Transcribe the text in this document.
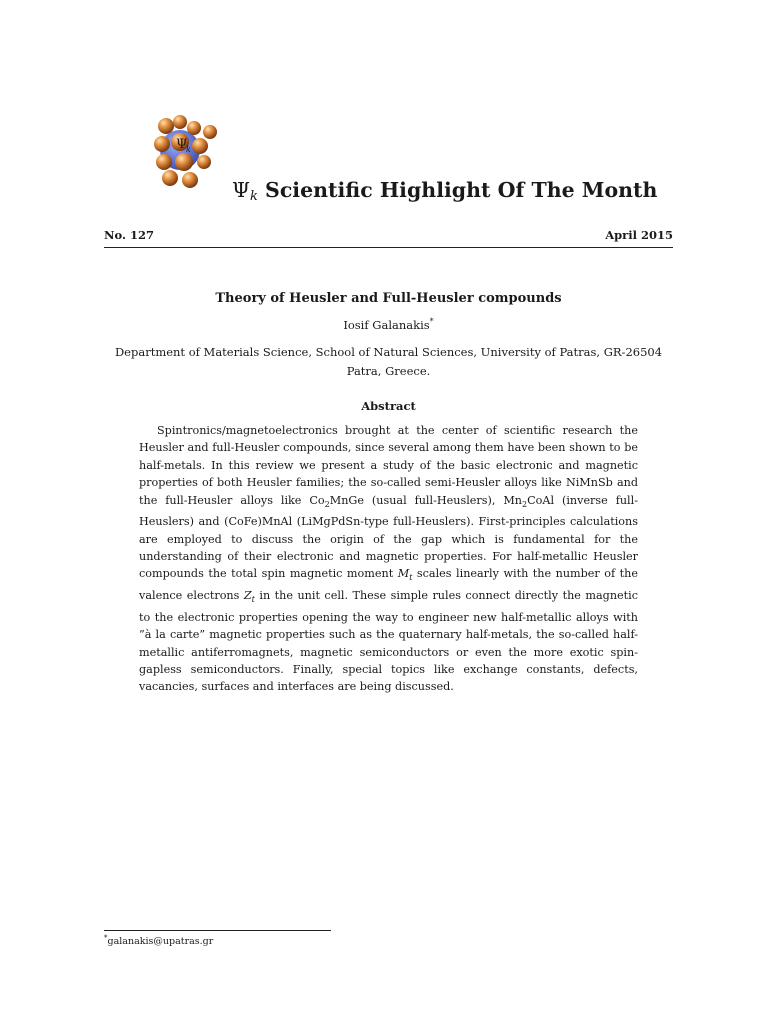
Ψ
k
$\Psi_k$ Scientific Highlight Of The Month
No. 127	April 2015
Theory of Heusler and Full-Heusler compounds
Iosif Galanakis*
Department of Materials Science, School of Natural Sciences, University of Patras, GR-26504 Patra, Greece.
Abstract
Spintronics/magnetoelectronics brought at the center of scientific research the Heusler and full-Heusler compounds, since several among them have been shown to be half-metals. In this review we present a study of the basic electronic and magnetic properties of both Heusler families; the so-called semi-Heusler alloys like NiMnSb and the full-Heusler alloys like $Co_2MnGe$ (usual full-Heuslers), $Mn_2CoAl$ (inverse full-Heuslers) and (CoFe)MnAl (LiMgPdSn-type full-Heuslers). First-principles calculations are employed to discuss the origin of the gap which is fundamental for the understanding of their electronic and magnetic properties. For half-metallic Heusler compounds the total spin magnetic moment $M_t$ scales linearly with the number of the valence electrons $Z_t$ in the unit cell. These simple rules connect directly the magnetic to the electronic properties opening the way to engineer new half-metallic alloys with ”à la carte” magnetic properties such as the quaternary half-metals, the so-called half-metallic antiferromagnets, magnetic semiconductors or even the more exotic spin-gapless semiconductors. Finally, special topics like exchange constants, defects, vacancies, surfaces and interfaces are being discussed.
*galanakis@upatras.gr
